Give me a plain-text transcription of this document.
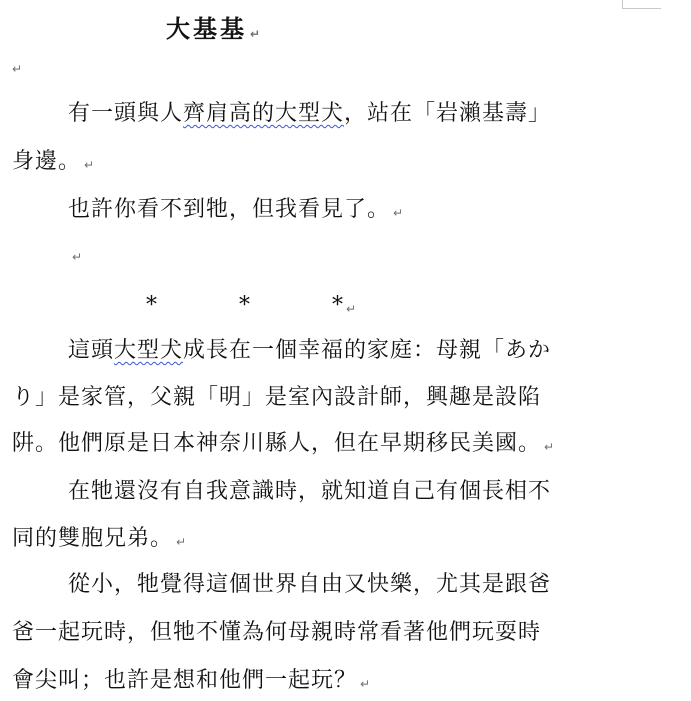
大基基 ↵
↵
有一頭與人齊肩高的大型犬，站在「岩瀨基壽」
身邊。 ↵
也許你看不到牠，但我看見了。 ↵
↵
*	*	* ↵
這頭大型犬成長在一個幸福的家庭：母親「あか
り」是家管，父親「明」是室內設計師，興趣是設陷
阱。他們原是日本神奈川縣人，但在早期移民美國。 ↵
在牠還沒有自我意識時，就知道自己有個長相不
同的雙胞兄弟。 ↵
從小，牠覺得這個世界自由又快樂，尤其是跟爸
爸一起玩時，但牠不懂為何母親時常看著他們玩耍時
會尖叫；也許是想和他們一起玩？ ↵
